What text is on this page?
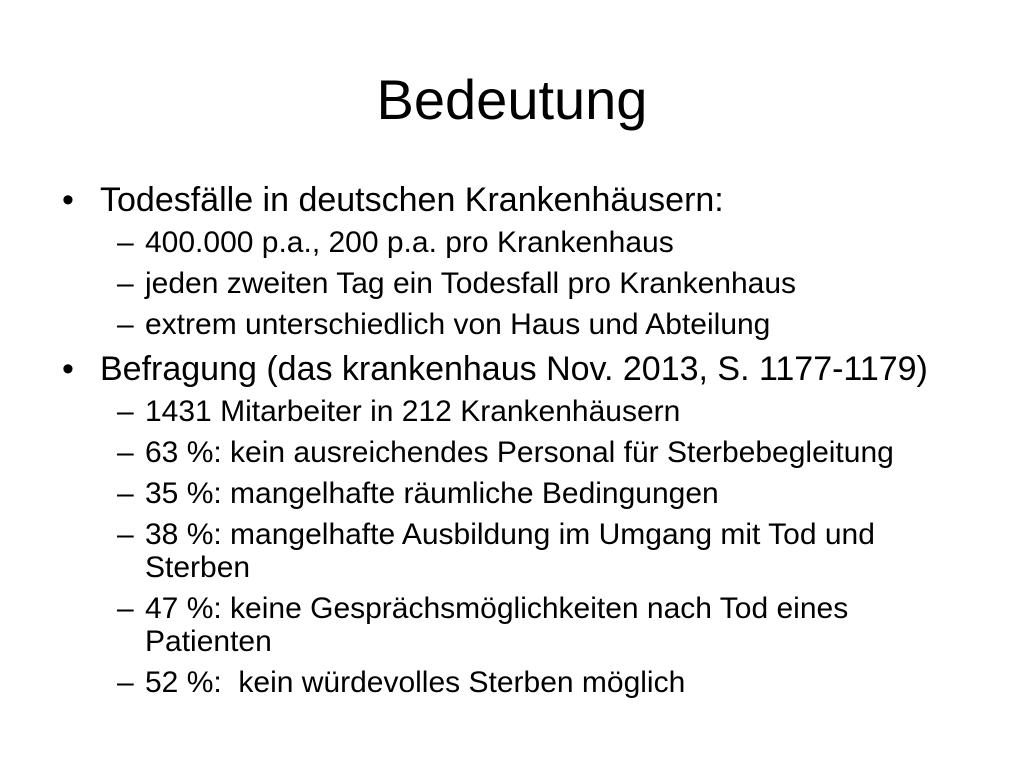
Bedeutung
• Todesfälle in deutschen Krankenhäusern:
– 400.000 p.a., 200 p.a. pro Krankenhaus
– jeden zweiten Tag ein Todesfall pro Krankenhaus
– extrem unterschiedlich von Haus und Abteilung
• Befragung (das krankenhaus Nov. 2013, S. 1177-1179)
– 1431 Mitarbeiter in 212 Krankenhäusern
– 63 %: kein ausreichendes Personal für Sterbebegleitung
– 35 %: mangelhafte räumliche Bedingungen
– 38 %: mangelhafte Ausbildung im Umgang mit Tod und Sterben
– 47 %: keine Gesprächsmöglichkeiten nach Tod eines Patienten
– 52 %:  kein würdevolles Sterben möglich
